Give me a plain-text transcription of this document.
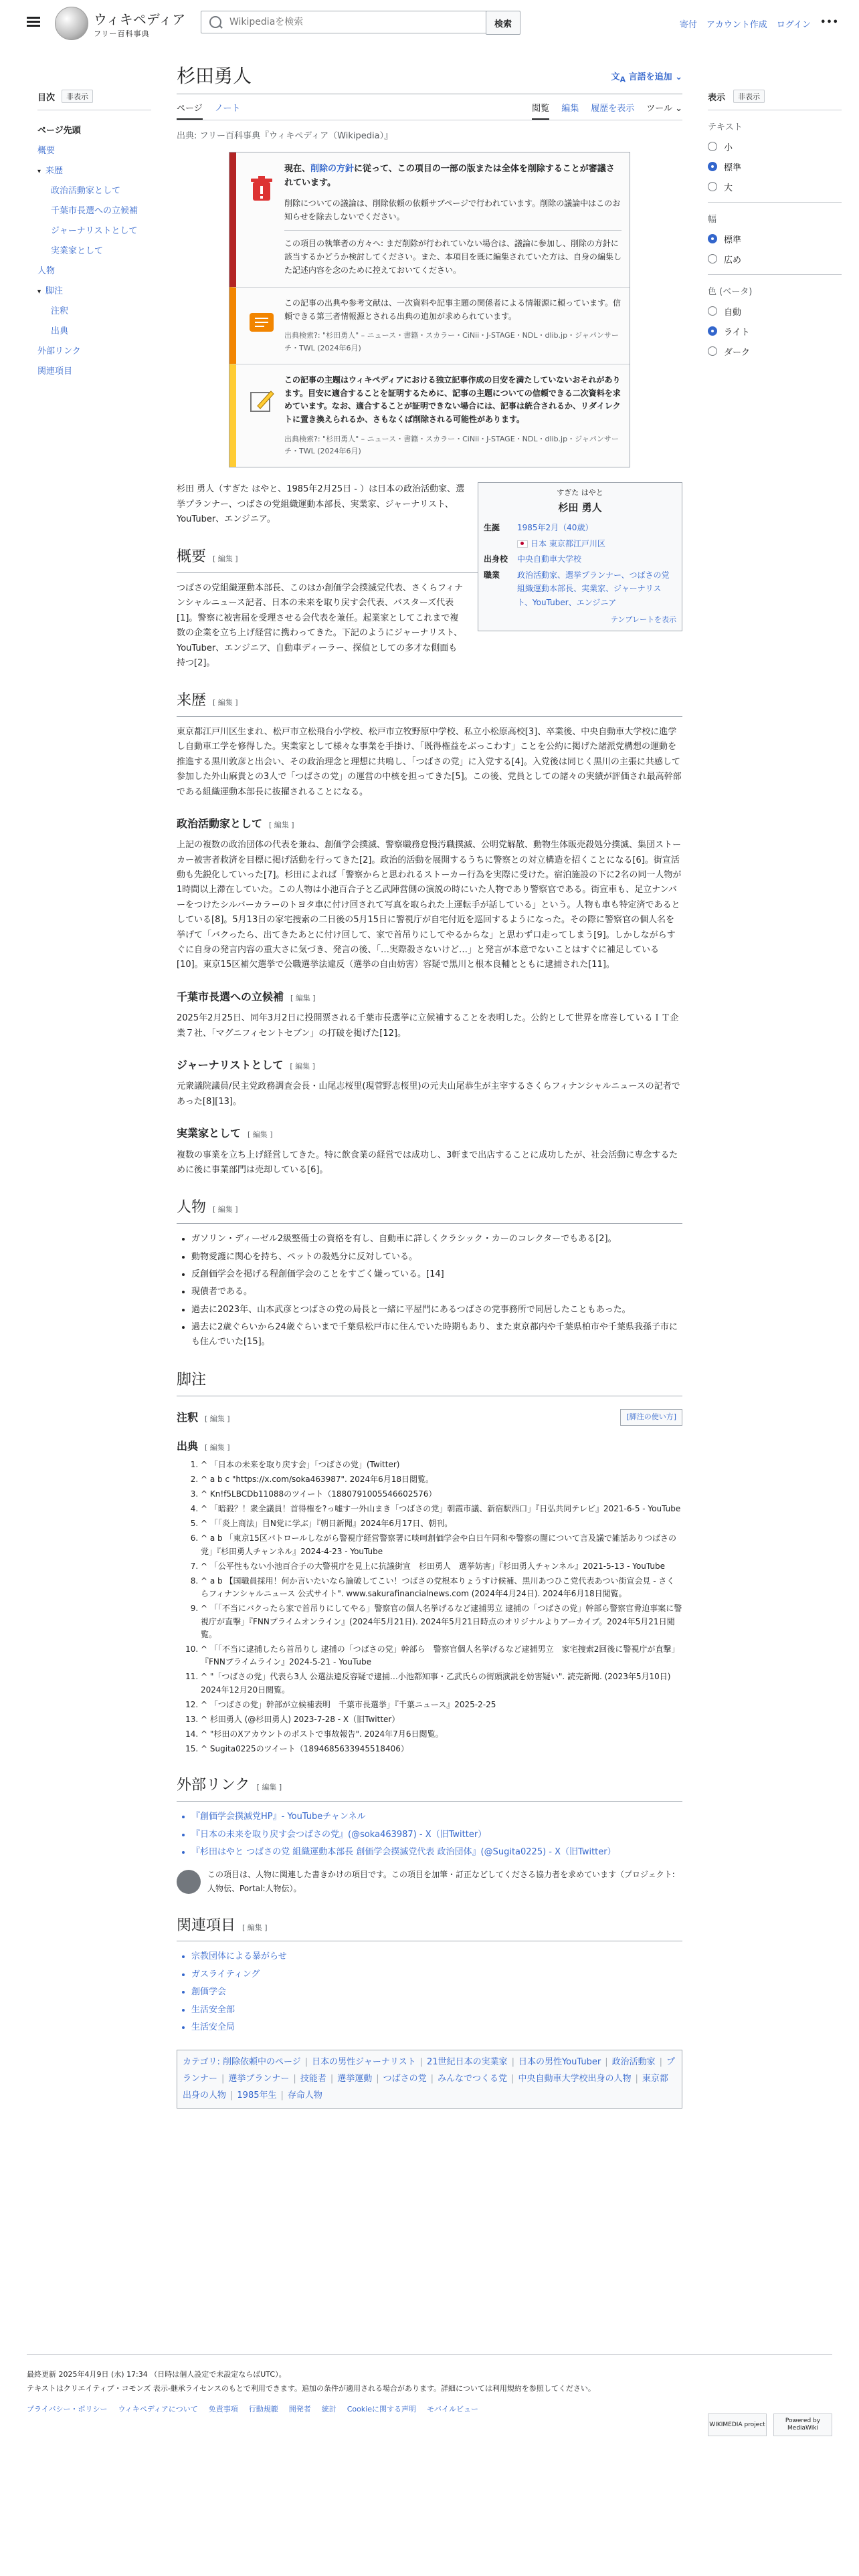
ウィキペディア
フリー百科事典
Wikipediaを検索
検索	寄付 アカウント作成 ログイン •••
目次	非表示
ページ先頭
概要
▾ 来歴
政治活動家として
千葉市長選への立候補
ジャーナリストとして
実業家として
人物
▾ 脚注
注釈
出典
外部リンク
関連項目
表示	非表示
テキスト
小
標準
大
幅
標準
広め
色 (ベータ)
自動
ライト
ダーク
杉田勇人	文$_A$ 言語を追加 ⌄
ページ ノート	閲覧 編集 履歴を表示 ツール ⌄
出典: フリー百科事典『ウィキペディア（Wikipedia）』

現在、削除の方針に従って、この項目の一部の版または全体を削除することが審議されています。

削除についての議論は、削除依頼の依頼サブページで行われています。削除の議論中はこのお知らせを除去しないでください。

この項目の執筆者の方々へ: まだ削除が行われていない場合は、議論に参加し、削除の方針に該当するかどうか検討してください。また、本項目を既に編集されていた方は、自身の編集した記述内容を念のために控えておいてください。

この記事の出典や参考文献は、一次資料や記事主題の関係者による情報源に頼っています。信頼できる第三者情報源とされる出典の追加が求められています。

出典検索?: "杉田勇人" – ニュース・書籍・スカラー・CiNii・J-STAGE・NDL・dlib.jp・ジャパンサーチ・TWL (2024年6月)

この記事の主題はウィキペディアにおける独立記事作成の目安を満たしていないおそれがあります。目安に適合することを証明するために、記事の主題についての信頼できる二次資料を求めています。なお、適合することが証明できない場合には、記事は統合されるか、リダイレクトに置き換えられるか、さもなくば削除される可能性があります。

出典検索?: "杉田勇人" – ニュース・書籍・スカラー・CiNii・J-STAGE・NDL・dlib.jp・ジャパンサーチ・TWL (2024年6月)

すぎた はやと
杉田 勇人
生誕	1985年2月（40歳）
日本 東京都江戸川区
出身校	中央自動車大学校
職業	政治活動家、選挙プランナー、つばさの党組織運動本部長、実業家、ジャーナリスト、YouTuber、エンジニア
テンプレートを表示

杉田 勇人（すぎた はやと、1985年2月25日 - ）は日本の政治活動家、選挙プランナー、つばさの党組織運動本部長、実業家、ジャーナリスト、YouTuber、エンジニア。

概要 [ 編集 ]

つばさの党組織運動本部長、このはか創価学会撲滅党代表、さくらフィナンシャルニュース記者、日本の未来を取り戻す会代表、バスターズ代表[1]。警察に被害届を受理させる会代表を兼任。起業家としてこれまで複数の企業を立ち上げ経営に携わってきた。下記のようにジャーナリスト、YouTuber、エンジニア、自動車ディーラー、探偵としての多才な側面も持つ[2]。

来歴 [ 編集 ]

東京都江戸川区生まれ、松戸市立松飛台小学校、松戸市立牧野原中学校、私立小松原高校[3]、卒業後、中央自動車大学校に進学し自動車工学を修得した。実業家として様々な事業を手掛け、「既得権益をぶっこわす」ことを公約に掲げた諸派党構想の運動を推進する黒川敦彦と出会い、その政治理念と理想に共鳴し、「つばさの党」に入党する[4]。入党後は同じく黒川の主張に共感して参加した外山麻貴との3人で「つばさの党」の運営の中核を担ってきた[5]。この後、党員としての諸々の実績が評価され最高幹部である組織運動本部長に抜擢されることになる。

政治活動家として [ 編集 ]

上記の複数の政治団体の代表を兼ね、創価学会撲滅、警察職務怠慢汚職撲滅、公明党解散、動物生体販売殺処分撲滅、集団ストーカー被害者救済を目標に掲げ活動を行ってきた[2]。政治的活動を展開するうちに警察との対立構造を招くことになる[6]。街宣活動も先鋭化していった[7]。杉田によれば「警察からと思われるストーカー行為を実際に受けた。宿泊施設の下に2名の同一人物が1時間以上滞在していた。この人物は小池百合子と乙武陣営側の演説の時にいた人物であり警察官である。街宣車も、足立ナンバーをつけたシルバーカラーのトヨタ車に付け回されて写真を取られた上運転手が話している」という。人物も車も特定済であるとしている[8]。5月13日の家宅捜索の二日後の5月15日に警視庁が自宅付近を巡回するようになった。その際に警察官の個人名を挙げて「バクったら、出てきたあとに付け回して、家で首吊りにしてやるからな」と思わず口走ってしまう[9]。しかしながらすぐに自身の発言内容の重大さに気づき、発言の後、「…実際殺さないけど…」と発言が本意でないことはすぐに補足している[10]。東京15区補欠選挙で公職選挙法違反（選挙の自由妨害）容疑で黒川と根本良輔とともに逮捕された[11]。

千葉市長選への立候補 [ 編集 ]

2025年2月25日、同年3月2日に投開票される千葉市長選挙に立候補することを表明した。公約として世界を席巻しているＩＴ企業７社、「マグニフィセントセブン」の打破を掲げた[12]。

ジャーナリストとして [ 編集 ]

元衆議院議員/民主党政務調査会長・山尾志桜里(現菅野志桜里)の元夫山尾恭生が主宰するさくらフィナンシャルニュースの記者であった[8][13]。

実業家として [ 編集 ]

複数の事業を立ち上げ経営してきた。特に飲食業の経営では成功し、3軒まで出店することに成功したが、社会活動に専念するために後に事業部門は売却している[6]。

人物 [ 編集 ]
• ガソリン・ディーゼル2級整備士の資格を有し、自動車に詳しくクラシック・カーのコレクターでもある[2]。
• 動物愛護に関心を持ち、ペットの殺処分に反対している。
• 反創価学会を掲げる程創価学会のことをすごく嫌っている。[14]
• 現債者である。
• 過去に2023年、山本武彦とつばさの党の局長と一緒に平屋門にあるつばさの党事務所で同居したこともあった。
• 過去に2歳ぐらいから24歳ぐらいまで千葉県松戸市に住んでいた時期もあり、また東京都内や千葉県柏市や千葉県我孫子市にも住んでいた[15]。
脚注
注釈 [ 編集 ]	[脚注の使い方]
出典 [ 編集 ]
1. ^ 「日本の未来を取り戻す会」「つばさの党」(Twitter)
2. ^ a b c "https://x.com/soka463987". 2024年6月18日閲覧。
3. ^ Kn!f5LBCDb11088のツイート（1880791005546602576）
4. ^ 「暗殺？！衆全議員！首得権を?っ嘘す一外山まき「つばさの党」朝霞市議、新宿駅西口」『日弘共同テレビ』2021-6-5 - YouTube
5. ^ 「「炎上商法」目N党に学ぶ」『朝日新聞』2024年6月17日、朝刊。
6. ^ a b 「東京15区パトロールしながら警視庁経営警察署に啖呵創価学会や白日午同和や警察の闇について言及議で雑話ありつばさの党」『杉田勇人チャンネル』2024-4-23 - YouTube
7. ^ 「公平性もない小池百合子の大警視庁を見上に抗議街宣　杉田勇人　選挙妨害」『杉田勇人チャンネル』2021-5-13 - YouTube
8. ^ a b 【国職員採用！何か言いたいなら論破してこい！つばさの党根本りょうすけ候補、黒川あつひこ党代表あつい街宣会見 - さくらフィナンシャルニュース 公式サイト". www.sakurafinancialnews.com (2024年4月24日). 2024年6月18日閲覧。
9. ^ 「「不当にバクったら家で首吊りにしてやる」警察官の個人名挙げるなど逮捕男立 逮捕の「つばさの党」幹部ら警察官脅迫事案に警視庁が直撃」『FNNプライムオンライン』(2024年5月21日). 2024年5月21日時点のオリジナルよりアーカイブ。2024年5月21日閲覧。
10. ^ 「「不当に逮捕したら首吊りし 逮捕の「つばさの党」幹部ら　警察官個人名挙げるなど逮捕男立　家宅捜索2回後に警視庁が直撃」『FNNプライムライン』2024-5-21 - YouTube
11. ^ "「つばさの党」代表ら3人 公選法違反容疑で逮捕…小池都知事・乙武氏らの街頭演説を妨害疑い". 読売新聞. (2023年5月10日) 2024年12月20日閲覧。
12. ^ 「つばさの党」幹部が立候補表明　千葉市長選挙」『千葉ニュース』2025-2-25
13. ^ 杉田勇人 (@杉田勇人) 2023-7-28 - X（旧Twitter）
14. ^ "杉田のXアカウントのポストで事故報告". 2024年7月6日閲覧。
15. ^ Sugita0225のツイート（1894685633945518406）
外部リンク [ 編集 ]
• 『創価学会撲滅党HP』- YouTubeチャンネル
• 『日本の未来を取り戻す会つばさの党』(@soka463987) - X（旧Twitter）
• 『杉田はやと つばさの党 組織運動本部長 創価学会撲滅党代表 政治団体』(@Sugita0225) - X（旧Twitter）
この項目は、人物に関連した書きかけの項目です。この項目を加筆・訂正などしてくださる協力者を求めています（プロジェクト:人物伝、Portal:人物伝）。
関連項目 [ 編集 ]
• 宗教団体による暴がらせ
• ガスライティング
• 創価学会
• 生活安全部
• 生活安全局
カテゴリ: 削除依頼中のページ | 日本の男性ジャーナリスト | 21世紀日本の実業家 | 日本の男性YouTuber | 政治活動家 | プランナー | 選挙プランナー | 技能者 | 選挙運動 | つばさの党 | みんなでつくる党 | 中央自動車大学校出身の人物 | 東京都出身の人物 | 1985年生 | 存命人物
最終更新 2025年4月9日 (水) 17:34 （日時は個人設定で未設定ならばUTC）。
テキストはクリエイティブ・コモンズ 表示-継承ライセンスのもとで利用できます。追加の条件が適用される場合があります。詳細については利用規約を参照してください。
プライバシー・ポリシー ウィキペディアについて 免責事項 行動規範 開発者 統計 Cookieに関する声明 モバイルビュー
WIKIMEDIA project
Powered by MediaWiki
